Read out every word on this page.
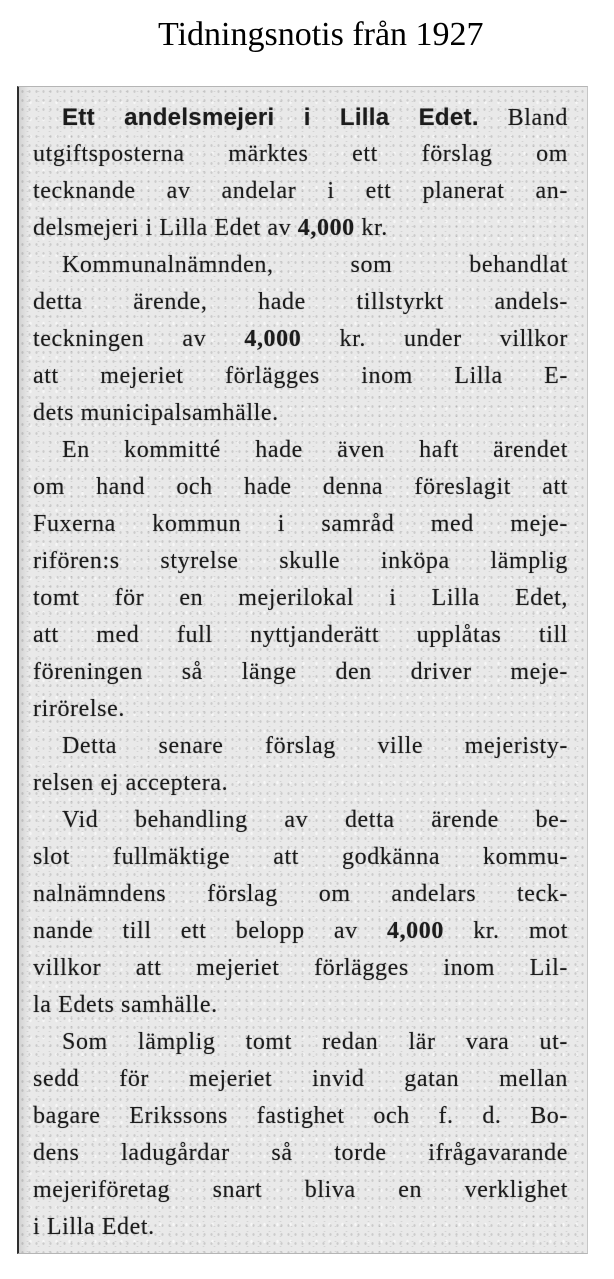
Tidningsnotis från 1927
Ett andelsmejeri i Lilla Edet. Bland
utgiftsposterna märktes ett förslag om
tecknande av andelar i ett planerat an-
delsmejeri i Lilla Edet av 4,000 kr.
Kommunalnämnden, som behandlat
detta ärende, hade tillstyrkt andels-
teckningen av 4,000 kr. under villkor
att mejeriet förlägges inom Lilla E-
dets municipalsamhälle.
En kommitté hade även haft ärendet
om hand och hade denna föreslagit att
Fuxerna kommun i samråd med meje-
rifören:s styrelse skulle inköpa lämplig
tomt för en mejerilokal i Lilla Edet,
att med full nyttjanderätt upplåtas till
föreningen så länge den driver meje-
rirörelse.
Detta senare förslag ville mejeristy-
relsen ej acceptera.
Vid behandling av detta ärende be-
slot fullmäktige att godkänna kommu-
nalnämndens förslag om andelars teck-
nande till ett belopp av 4,000 kr. mot
villkor att mejeriet förlägges inom Lil-
la Edets samhälle.
Som lämplig tomt redan lär vara ut-
sedd för mejeriet invid gatan mellan
bagare Erikssons fastighet och f. d. Bo-
dens ladugårdar så torde ifrågavarande
mejeriföretag snart bliva en verklighet
i Lilla Edet.
